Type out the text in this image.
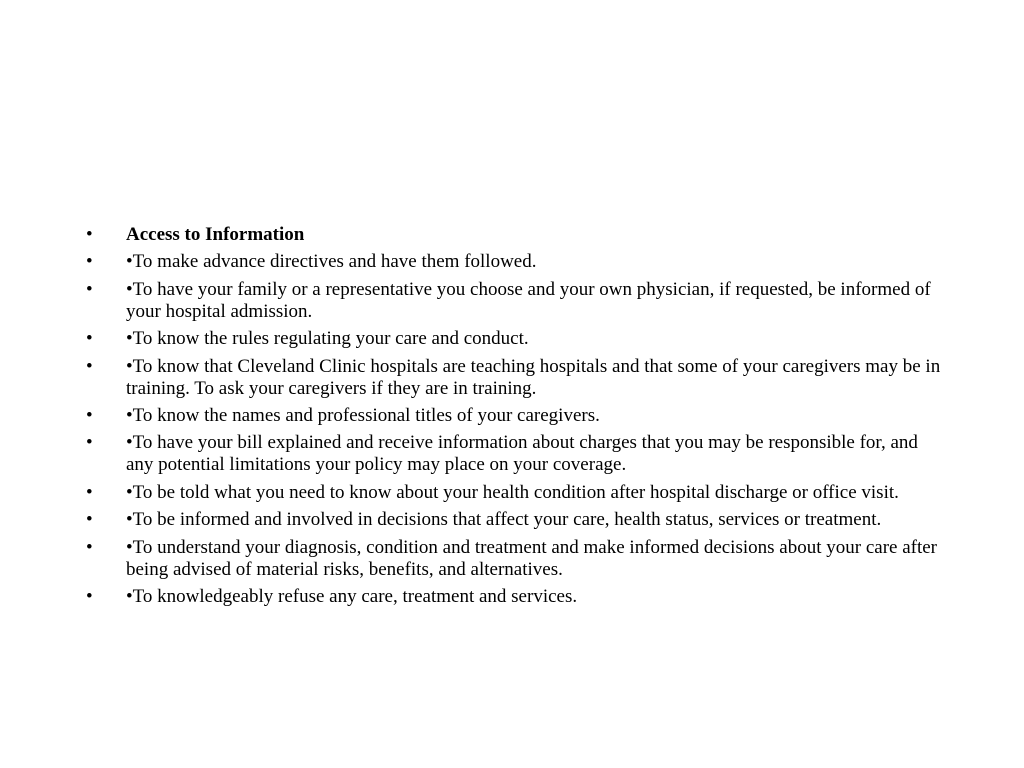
•	Access to Information
•	•To make advance directives and have them followed.
•	•To have your family or a representative you choose and your own physician, if requested, be informed of your hospital admission.
•	•To know the rules regulating your care and conduct.
•	•To know that Cleveland Clinic hospitals are teaching hospitals and that some of your caregivers may be in training. To ask your caregivers if they are in training.
•	•To know the names and professional titles of your caregivers.
•	•To have your bill explained and receive information about charges that you may be responsible for, and any potential limitations your policy may place on your coverage.
•	•To be told what you need to know about your health condition after hospital discharge or office visit.
•	•To be informed and involved in decisions that affect your care, health status, services or treatment.
•	•To understand your diagnosis, condition and treatment and make informed decisions about your care after being advised of material risks, benefits, and alternatives.
•	•To knowledgeably refuse any care, treatment and services.
